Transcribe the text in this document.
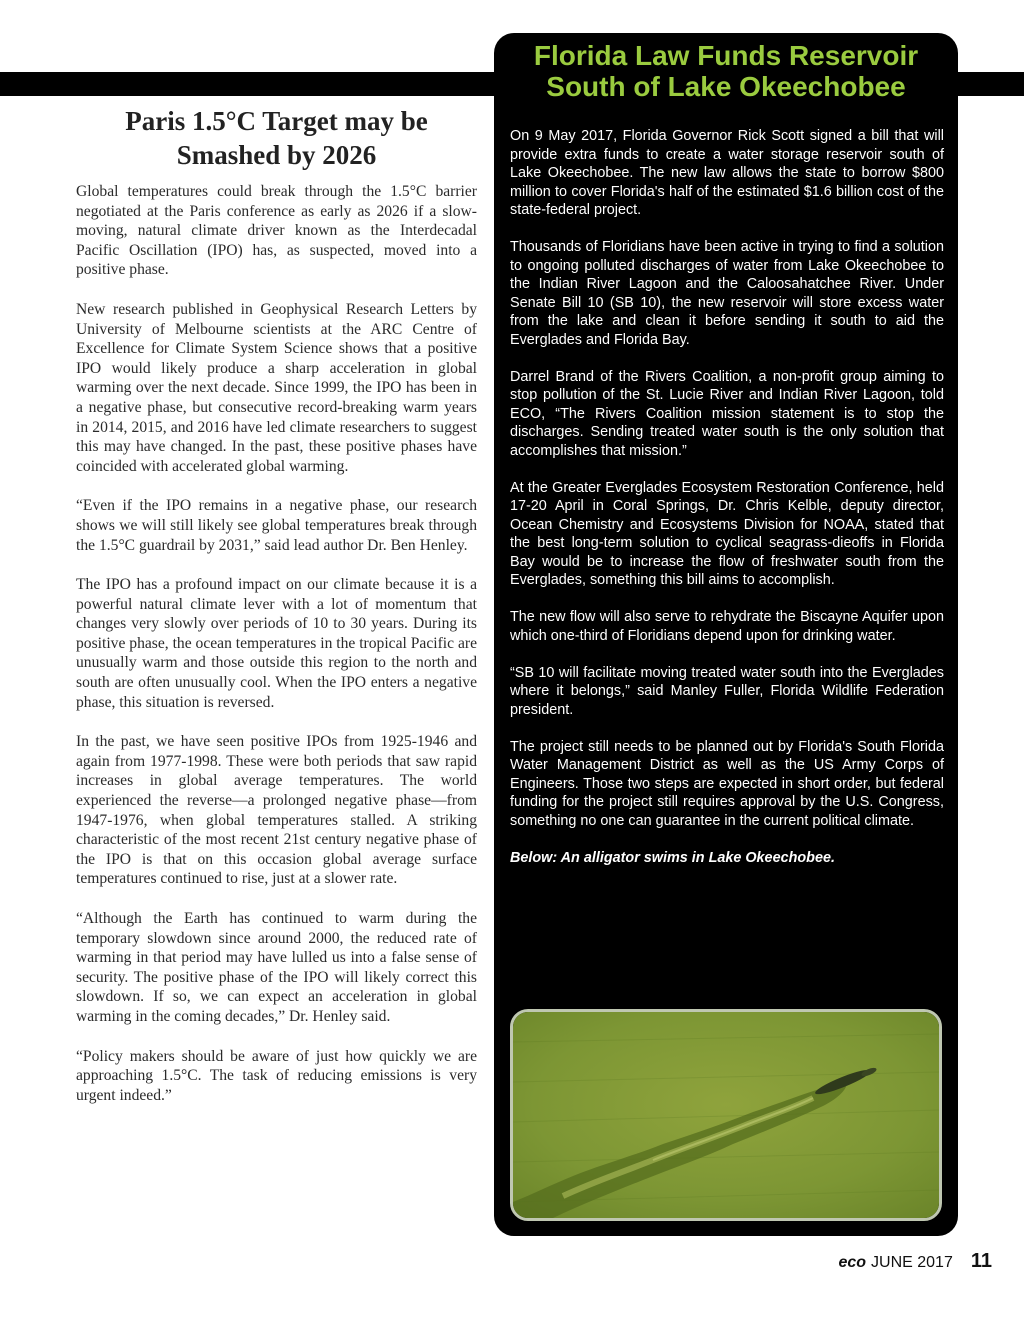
Paris 1.5°C Target may be Smashed by 2026

Global temperatures could break through the 1.5°C barrier negotiated at the Paris conference as early as 2026 if a slow-moving, natural climate driver known as the Interdecadal Pacific Oscillation (IPO) has, as suspected, moved into a positive phase.

New research published in Geophysical Research Letters by University of Melbourne scientists at the ARC Centre of Excellence for Climate System Science shows that a positive IPO would likely produce a sharp acceleration in global warming over the next decade. Since 1999, the IPO has been in a negative phase, but consecutive record-breaking warm years in 2014, 2015, and 2016 have led climate researchers to suggest this may have changed. In the past, these positive phases have coincided with accelerated global warming.

“Even if the IPO remains in a negative phase, our research shows we will still likely see global temperatures break through the 1.5°C guardrail by 2031,” said lead author Dr. Ben Henley.

The IPO has a profound impact on our climate because it is a powerful natural climate lever with a lot of momentum that changes very slowly over periods of 10 to 30 years. During its positive phase, the ocean temperatures in the tropical Pacific are unusually warm and those outside this region to the north and south are often unusually cool. When the IPO enters a negative phase, this situation is reversed.

In the past, we have seen positive IPOs from 1925-1946 and again from 1977-1998. These were both periods that saw rapid increases in global average temperatures. The world experienced the reverse—a prolonged negative phase—from 1947-1976, when global temperatures stalled. A striking characteristic of the most recent 21st century negative phase of the IPO is that on this occasion global average surface temperatures continued to rise, just at a slower rate.

“Although the Earth has continued to warm during the temporary slowdown since around 2000, the reduced rate of warming in that period may have lulled us into a false sense of security. The positive phase of the IPO will likely correct this slowdown. If so, we can expect an acceleration in global warming in the coming decades,” Dr. Henley said.

“Policy makers should be aware of just how quickly we are approaching 1.5°C. The task of reducing emissions is very urgent indeed.”

Florida Law Funds Reservoir South of Lake Okeechobee

On 9 May 2017, Florida Governor Rick Scott signed a bill that will provide extra funds to create a water storage reservoir south of Lake Okeechobee. The new law allows the state to borrow $800 million to cover Florida's half of the estimated $1.6 billion cost of the state-federal project.

Thousands of Floridians have been active in trying to find a solution to ongoing polluted discharges of water from Lake Okeechobee to the Indian River Lagoon and the Caloosahatchee River. Under Senate Bill 10 (SB 10), the new reservoir will store excess water from the lake and clean it before sending it south to aid the Everglades and Florida Bay.

Darrel Brand of the Rivers Coalition, a non-profit group aiming to stop pollution of the St. Lucie River and Indian River Lagoon, told ECO, “The Rivers Coalition mission statement is to stop the discharges. Sending treated water south is the only solution that accomplishes that mission.”

At the Greater Everglades Ecosystem Restoration Conference, held 17-20 April in Coral Springs, Dr. Chris Kelble, deputy director, Ocean Chemistry and Ecosystems Division for NOAA, stated that the best long-term solution to cyclical seagrass-dieoffs in Florida Bay would be to increase the flow of freshwater south from the Everglades, something this bill aims to accomplish.

The new flow will also serve to rehydrate the Biscayne Aquifer upon which one-third of Floridians depend upon for drinking water.

“SB 10 will facilitate moving treated water south into the Everglades where it belongs,” said Manley Fuller, Florida Wildlife Federation president.

The project still needs to be planned out by Florida's South Florida Water Management District as well as the US Army Corps of Engineers. Those two steps are expected in short order, but federal funding for the project still requires approval by the U.S. Congress, something no one can guarantee in the current political climate.

Below: An alligator swims in Lake Okeechobee.

eco JUNE 2017 11
